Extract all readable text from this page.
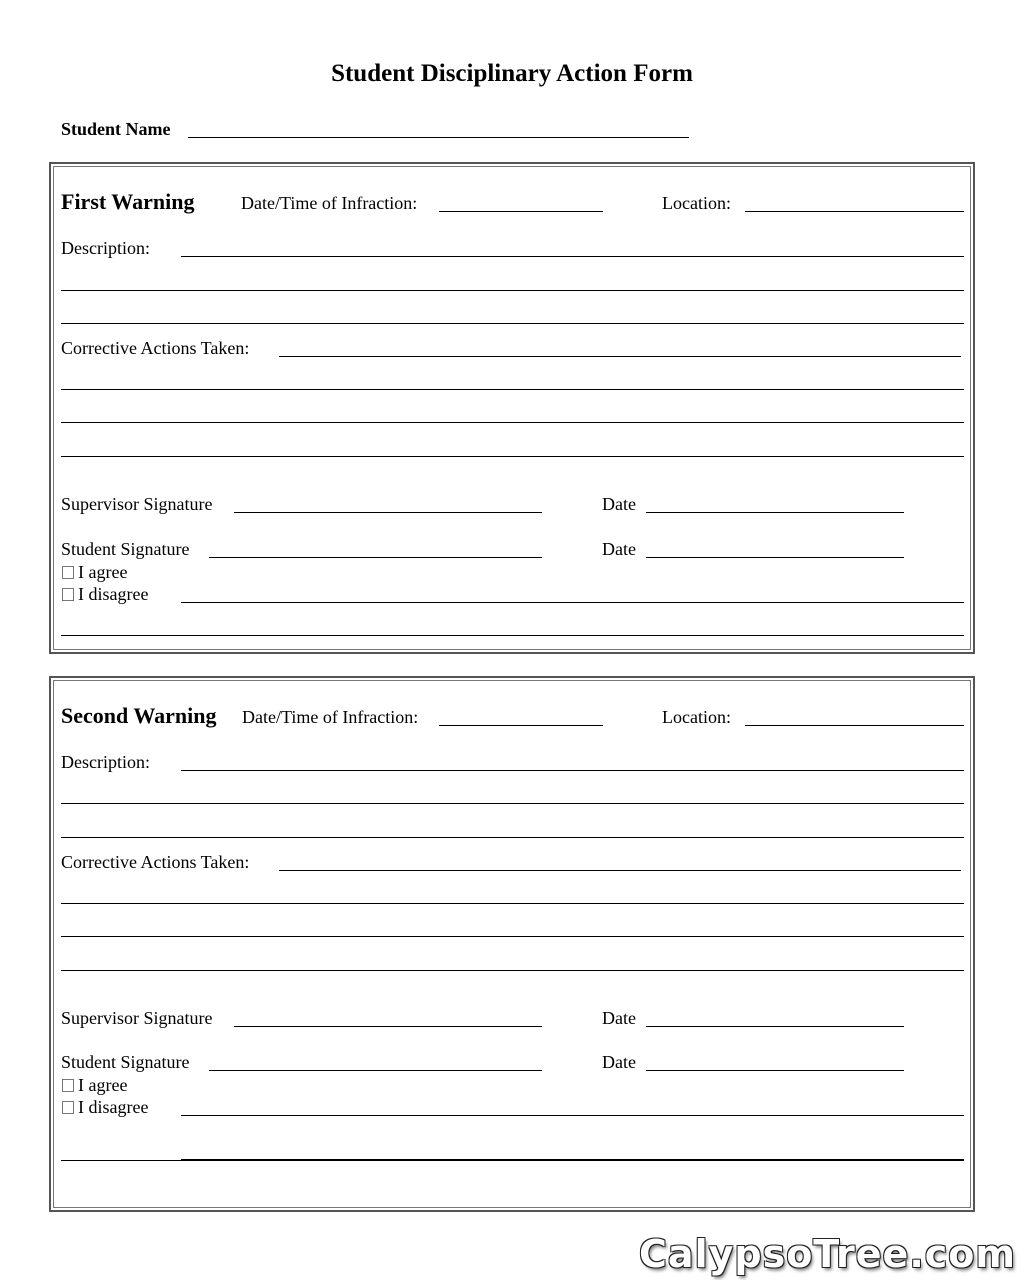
Student Disciplinary Action Form
Student Name
First Warning	Date/Time of Infraction:	Location:
Description:
Corrective Actions Taken:
Supervisor Signature	Date
Student Signature	Date
I agree
I disagree
Second Warning Date/Time of Infraction:	Location:
Description:
Corrective Actions Taken:
Supervisor Signature	Date
Student Signature	Date
I agree
I disagree
CalypsoTree.com
